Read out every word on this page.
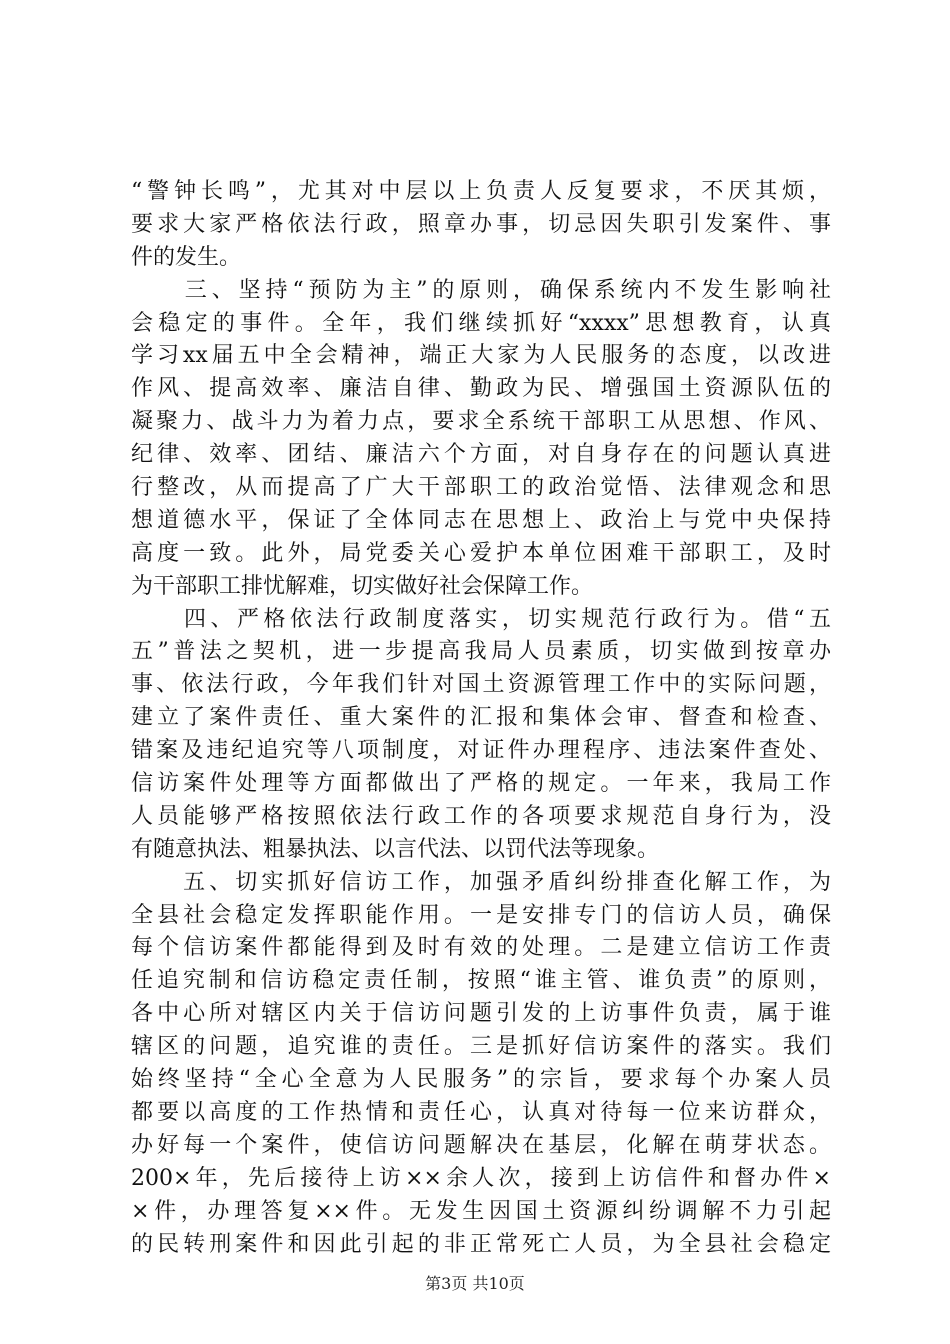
“警钟长鸣”，尤其对中层以上负责人反复要求，不厌其烦，
要求大家严格依法行政，照章办事，切忌因失职引发案件、事
件的发生。
　　三、坚持“预防为主”的原则，确保系统内不发生影响社
会稳定的事件。全年，我们继续抓好“xxxx”思想教育，认真
学习xx届五中全会精神，端正大家为人民服务的态度，以改进
作风、提高效率、廉洁自律、勤政为民、增强国土资源队伍的
凝聚力、战斗力为着力点，要求全系统干部职工从思想、作风、
纪律、效率、团结、廉洁六个方面，对自身存在的问题认真进
行整改，从而提高了广大干部职工的政治觉悟、法律观念和思
想道德水平，保证了全体同志在思想上、政治上与党中央保持
高度一致。此外，局党委关心爱护本单位困难干部职工，及时
为干部职工排忧解难，切实做好社会保障工作。
　　四、严格依法行政制度落实，切实规范行政行为。借“五
五”普法之契机，进一步提高我局人员素质，切实做到按章办
事、依法行政，今年我们针对国土资源管理工作中的实际问题，
建立了案件责任、重大案件的汇报和集体会审、督查和检查、
错案及违纪追究等八项制度，对证件办理程序、违法案件查处、
信访案件处理等方面都做出了严格的规定。一年来，我局工作
人员能够严格按照依法行政工作的各项要求规范自身行为，没
有随意执法、粗暴执法、以言代法、以罚代法等现象。
　　五、切实抓好信访工作，加强矛盾纠纷排查化解工作，为
全县社会稳定发挥职能作用。一是安排专门的信访人员，确保
每个信访案件都能得到及时有效的处理。二是建立信访工作责
任追究制和信访稳定责任制，按照“谁主管、谁负责”的原则，
各中心所对辖区内关于信访问题引发的上访事件负责，属于谁
辖区的问题，追究谁的责任。三是抓好信访案件的落实。我们
始终坚持“全心全意为人民服务”的宗旨，要求每个办案人员
都要以高度的工作热情和责任心，认真对待每一位来访群众，
办好每一个案件，使信访问题解决在基层，化解在萌芽状态。
200×年，先后接待上访××余人次，接到上访信件和督办件×
×件，办理答复××件。无发生因国土资源纠纷调解不力引起
的民转刑案件和因此引起的非正常死亡人员，为全县社会稳定
第3页 共10页
